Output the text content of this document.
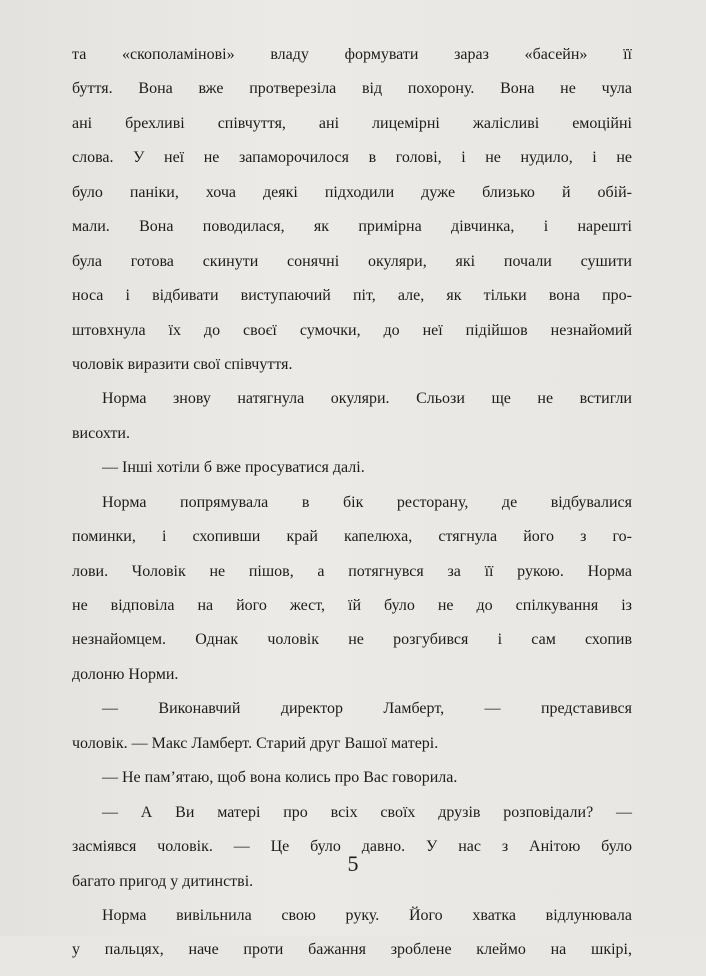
та «скополамінові» владу формувати зараз «басейн» її
буття. Вона вже протверезіла від похорону. Вона не чула
ані брехливі співчуття, ані лицемірні жалісливі емоційні
слова. У неї не запаморочилося в голові, і не нудило, і не
було паніки, хоча деякі підходили дуже близько й обій-
мали. Вона поводилася, як примірна дівчинка, і нарешті
була готова скинути сонячні окуляри, які почали сушити
носа і відбивати виступаючий піт, але, як тільки вона про-
штовхнула їх до своєї сумочки, до неї підійшов незнайомий
чоловік виразити свої співчуття.
Норма знову натягнула окуляри. Сльози ще не встигли
висохти.
— Інші хотіли б вже просуватися далі.
Норма попрямувала в бік ресторану, де відбувалися
поминки, і схопивши край капелюха, стягнула його з го-
лови. Чоловік не пішов, а потягнувся за її рукою. Норма
не відповіла на його жест, їй було не до спілкування із
незнайомцем. Однак чоловік не розгубився і сам схопив
долоню Норми.
— Виконавчий директор Ламберт, — представився
чоловік. — Макс Ламберт. Старий друг Вашої матері.
— Не пам’ятаю, щоб вона колись про Вас говорила.
— А Ви матері про всіх своїх друзів розповідали? —
засміявся чоловік. — Це було давно. У нас з Анітою було
багато пригод у дитинстві.
Норма вивільнила свою руку. Його хватка відлунювала
у пальцях, наче проти бажання зроблене клеймо на шкірі,
5
